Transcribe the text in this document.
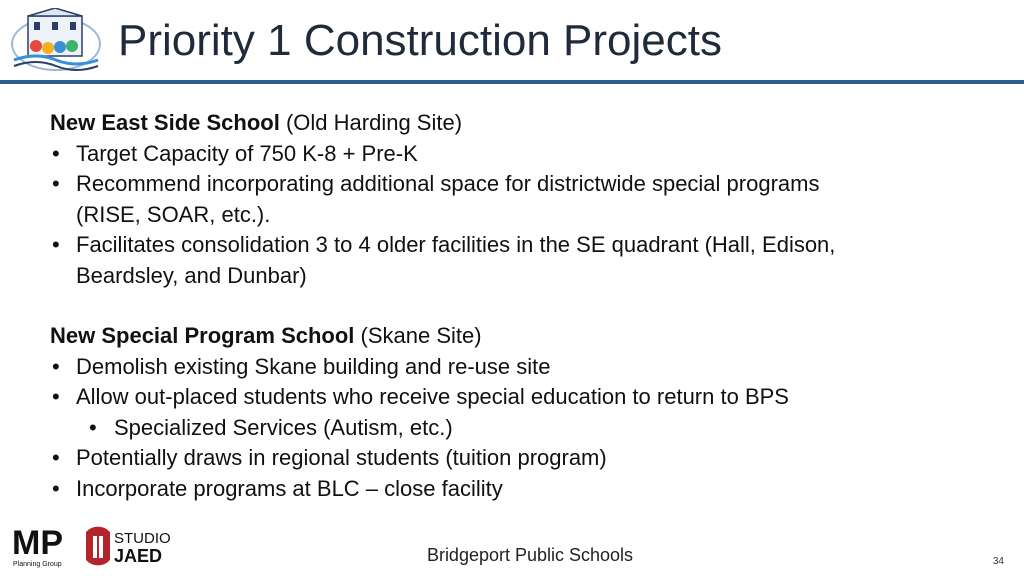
Priority 1 Construction Projects
New East Side School (Old Harding Site)
• Target Capacity of 750 K-8 + Pre-K
• Recommend incorporating additional space for districtwide special programs
(RISE, SOAR, etc.).
• Facilitates consolidation 3 to 4 older facilities in the SE quadrant (Hall, Edison,
Beardsley, and Dunbar)
New Special Program School (Skane Site)
• Demolish existing Skane building and re-use site
• Allow out-placed students who receive special education to return to BPS
• Specialized Services (Autism, etc.)
• Potentially draws in regional students (tuition program)
• Incorporate programs at BLC – close facility
MP
Planning Group
STUDIO
JAED	Bridgeport Public Schools	34
